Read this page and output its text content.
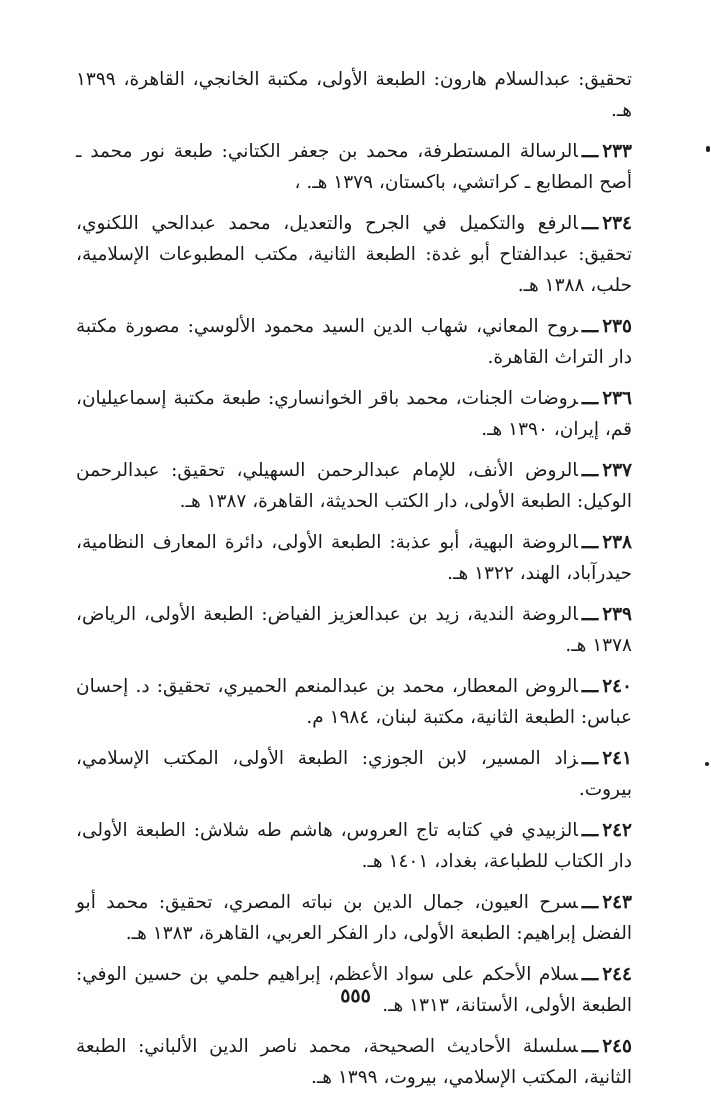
تحقيق: عبدالسلام هارون: الطبعة الأولى، مكتبة الخانجي، القاهرة، ١٣٩٩ هـ.

٢٣٣ـــالرسالة المستطرفة، محمد بن جعفر الكتاني: طبعة نور محمد ـ أصح المطابع ـ كراتشي، باكستان، ١٣٧٩ هـ. ،

٢٣٤ـــالرفع والتكميل في الجرح والتعديل، محمد عبدالحي اللكنوي، تحقيق: عبدالفتاح أبو غدة: الطبعة الثانية، مكتب المطبوعات الإسلامية، حلب، ١٣٨٨ هـ.

٢٣٥ـــروح المعاني، شهاب الدين السيد محمود الألوسي: مصورة مكتبة دار التراث القاهرة.

٢٣٦ـــروضات الجنات، محمد باقر الخوانساري: طبعة مكتبة إسماعيليان، قم، إيران، ١٣٩٠ هـ.

٢٣٧ـــالروض الأنف، للإمام عبدالرحمن السهيلي، تحقيق: عبدالرحمن الوكيل: الطبعة الأولى، دار الكتب الحديثة، القاهرة، ١٣٨٧ هـ.

٢٣٨ـــالروضة البهية، أبو عذبة: الطبعة الأولى، دائرة المعارف النظامية، حيدرآباد، الهند، ١٣٢٢ هـ.

٢٣٩ـــالروضة الندية، زيد بن عبدالعزيز الفياض: الطبعة الأولى، الرياض، ١٣٧٨ هـ.

٢٤٠ـــالروض المعطار، محمد بن عبدالمنعم الحميري، تحقيق: د. إحسان عباس: الطبعة الثانية، مكتبة لبنان، ١٩٨٤ م.

٢٤١ـــزاد المسير، لابن الجوزي: الطبعة الأولى، المكتب الإسلامي، بيروت.

٢٤٢ـــالزبيدي في كتابه تاج العروس، هاشم طه شلاش: الطبعة الأولى، دار الكتاب للطباعة، بغداد، ١٤٠١ هـ.

٢٤٣ـــسرح العيون، جمال الدين بن نباته المصري، تحقيق: محمد أبو الفضل إبراهيم: الطبعة الأولى، دار الفكر العربي، القاهرة، ١٣٨٣ هـ.

٢٤٤ـــسلام الأحكم على سواد الأعظم، إبراهيم حلمي بن حسين الوفي: الطبعة الأولى، الأستانة، ١٣١٣ هـ.

٢٤٥ـــسلسلة الأحاديث الصحيحة، محمد ناصر الدين الألباني: الطبعة الثانية، المكتب الإسلامي، بيروت، ١٣٩٩ هـ.

٥٥٥
